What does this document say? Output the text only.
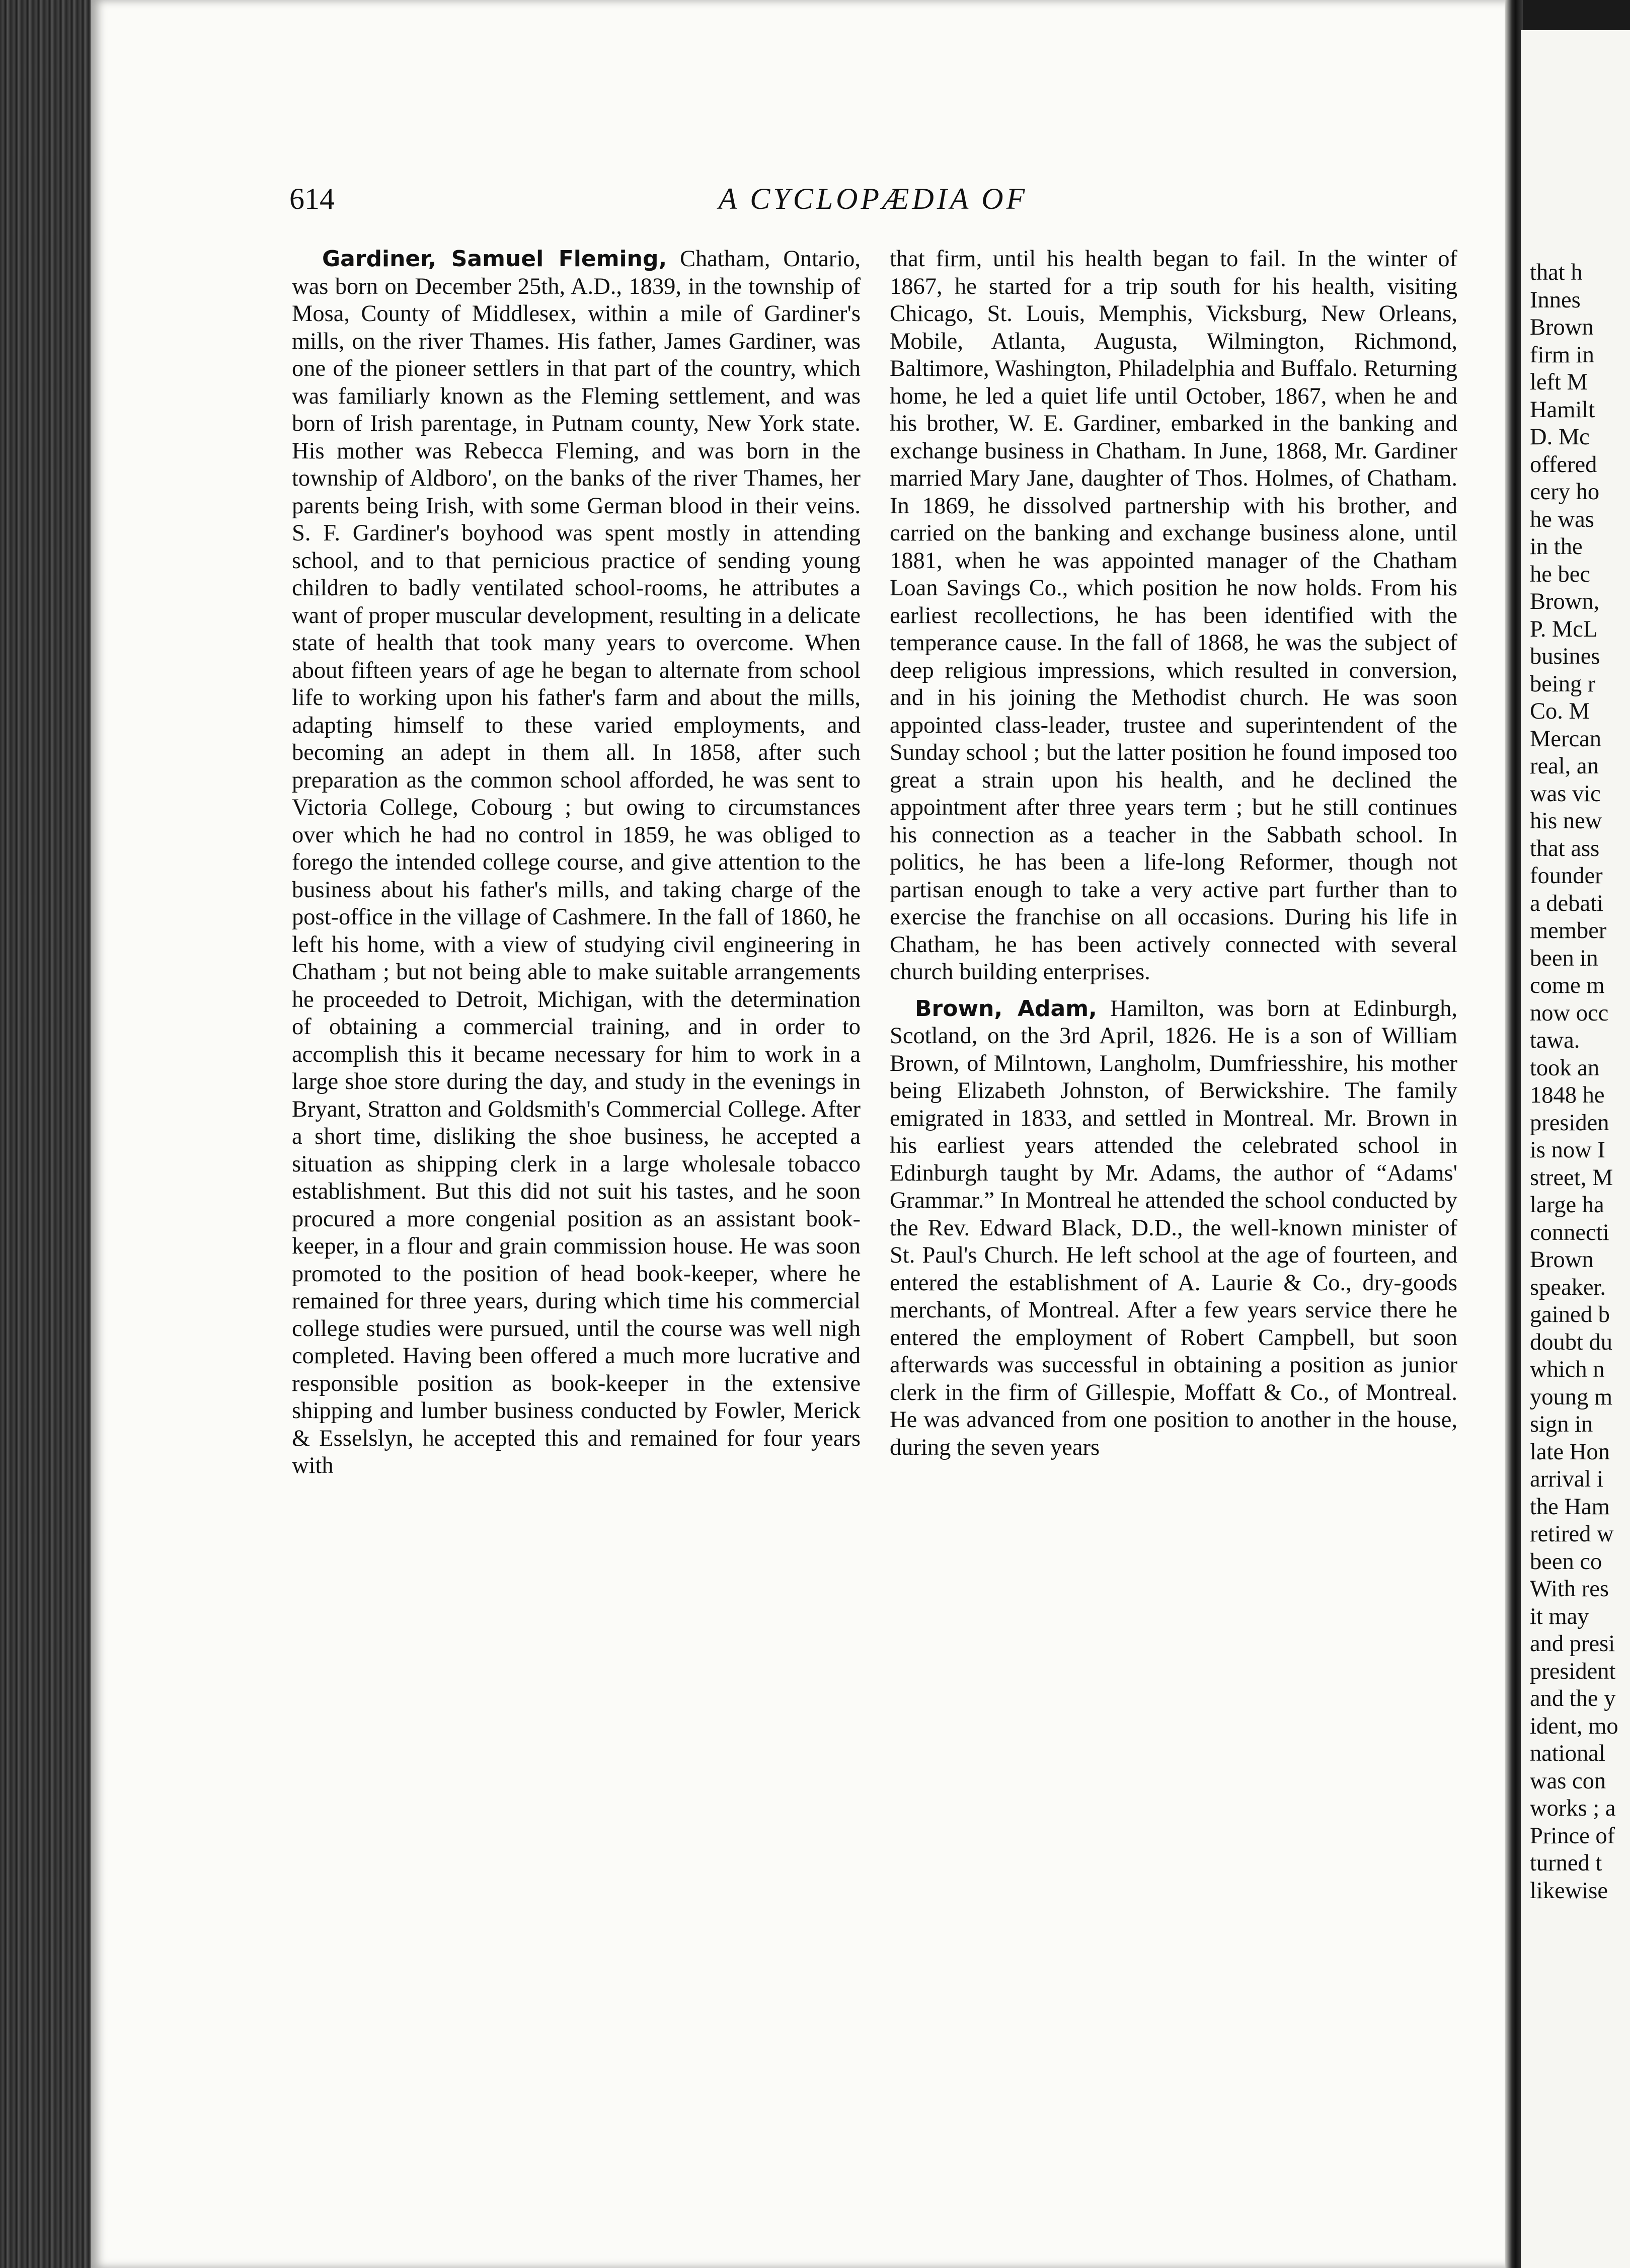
614	A CYCLOPÆDIA OF

Gardiner, Samuel Fleming, Chatham, Ontario, was born on December 25th, A.D., 1839, in the township of Mosa, County of Middlesex, within a mile of Gardiner's mills, on the river Thames. His father, James Gardiner, was one of the pioneer settlers in that part of the country, which was familiarly known as the Fleming settlement, and was born of Irish parentage, in Putnam county, New York state. His mother was Rebecca Fleming, and was born in the township of Aldboro', on the banks of the river Thames, her parents being Irish, with some German blood in their veins. S. F. Gardiner's boyhood was spent mostly in attending school, and to that pernicious practice of sending young children to badly ventilated school-rooms, he attributes a want of proper muscular development, resulting in a delicate state of health that took many years to overcome. When about fifteen years of age he began to alternate from school life to working upon his father's farm and about the mills, adapting himself to these varied employments, and becoming an adept in them all. In 1858, after such preparation as the common school afforded, he was sent to Victoria College, Cobourg ; but owing to circumstances over which he had no control in 1859, he was obliged to forego the intended college course, and give attention to the business about his father's mills, and taking charge of the post-office in the village of Cashmere. In the fall of 1860, he left his home, with a view of studying civil engineering in Chatham ; but not being able to make suitable arrangements he proceeded to Detroit, Michigan, with the determination of obtaining a commercial training, and in order to accomplish this it became necessary for him to work in a large shoe store during the day, and study in the evenings in Bryant, Stratton and Goldsmith's Commercial College. After a short time, disliking the shoe business, he accepted a situation as shipping clerk in a large wholesale tobacco establishment. But this did not suit his tastes, and he soon procured a more congenial position as an assistant book-keeper, in a flour and grain commission house. He was soon promoted to the position of head book-keeper, where he remained for three years, during which time his commercial college studies were pursued, until the course was well nigh completed. Having been offered a much more lucrative and responsible position as book-keeper in the extensive shipping and lumber business conducted by Fowler, Merick & Esselslyn, he accepted this and remained for four years with

that firm, until his health began to fail. In the winter of 1867, he started for a trip south for his health, visiting Chicago, St. Louis, Memphis, Vicksburg, New Orleans, Mobile, Atlanta, Augusta, Wilmington, Richmond, Baltimore, Washington, Philadelphia and Buffalo. Returning home, he led a quiet life until October, 1867, when he and his brother, W. E. Gardiner, embarked in the banking and exchange business in Chatham. In June, 1868, Mr. Gardiner married Mary Jane, daughter of Thos. Holmes, of Chatham. In 1869, he dissolved partnership with his brother, and carried on the banking and exchange business alone, until 1881, when he was appointed manager of the Chatham Loan Savings Co., which position he now holds. From his earliest recollections, he has been identified with the temperance cause. In the fall of 1868, he was the subject of deep religious impressions, which resulted in conversion, and in his joining the Methodist church. He was soon appointed class-leader, trustee and superintendent of the Sunday school ; but the latter position he found imposed too great a strain upon his health, and he declined the appointment after three years term ; but he still continues his connection as a teacher in the Sabbath school. In politics, he has been a life-long Reformer, though not partisan enough to take a very active part further than to exercise the franchise on all occasions. During his life in Chatham, he has been actively connected with several church building enterprises.

Brown, Adam, Hamilton, was born at Edinburgh, Scotland, on the 3rd April, 1826. He is a son of William Brown, of Milntown, Langholm, Dumfriesshire, his mother being Elizabeth Johnston, of Berwickshire. The family emigrated in 1833, and settled in Montreal. Mr. Brown in his earliest years attended the celebrated school in Edinburgh taught by Mr. Adams, the author of “Adams' Grammar.” In Montreal he attended the school conducted by the Rev. Edward Black, D.D., the well-known minister of St. Paul's Church. He left school at the age of fourteen, and entered the establishment of A. Laurie & Co., dry-goods merchants, of Montreal. After a few years service there he entered the employment of Robert Campbell, but soon afterwards was successful in obtaining a position as junior clerk in the firm of Gillespie, Moffatt & Co., of Montreal. He was advanced from one position to another in the house, during the seven years

that h
Innes
Brown
firm in
left M
Hamilt
D. Mc
offered
cery ho
he was
in the
he bec
Brown,
P. McL
busines
being r
Co. M
Mercan
real, an
was vic
his new
that ass
founder
a debati
member
been in
come m
now occ
tawa.
took an
1848 he
presiden
is now I
street, M
large ha
connecti
Brown
speaker.
gained b
doubt du
which n
young m
sign in
late Hon
arrival i
the Ham
retired w
been co
With res
it may
and presi
president
and the y
ident, mo
national
was con
works ; a
Prince of
turned t
likewise
